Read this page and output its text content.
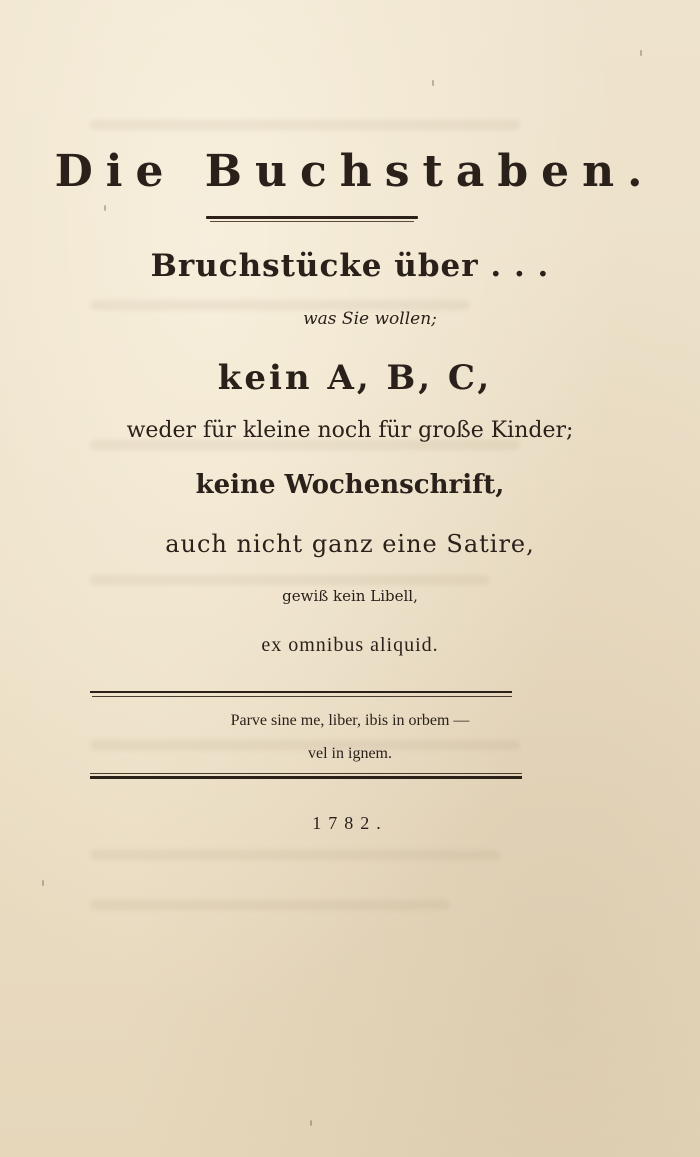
Die Buchstaben.

Bruchstücke über . . .

was Sie wollen;

kein A, B, C,

weder für kleine noch für große Kinder;

keine Wochenschrift,

auch nicht ganz eine Satire,

gewiß kein Libell,

ex omnibus aliquid.

Parve sine me, liber, ibis in orbem —

vel in ignem.

1782.
